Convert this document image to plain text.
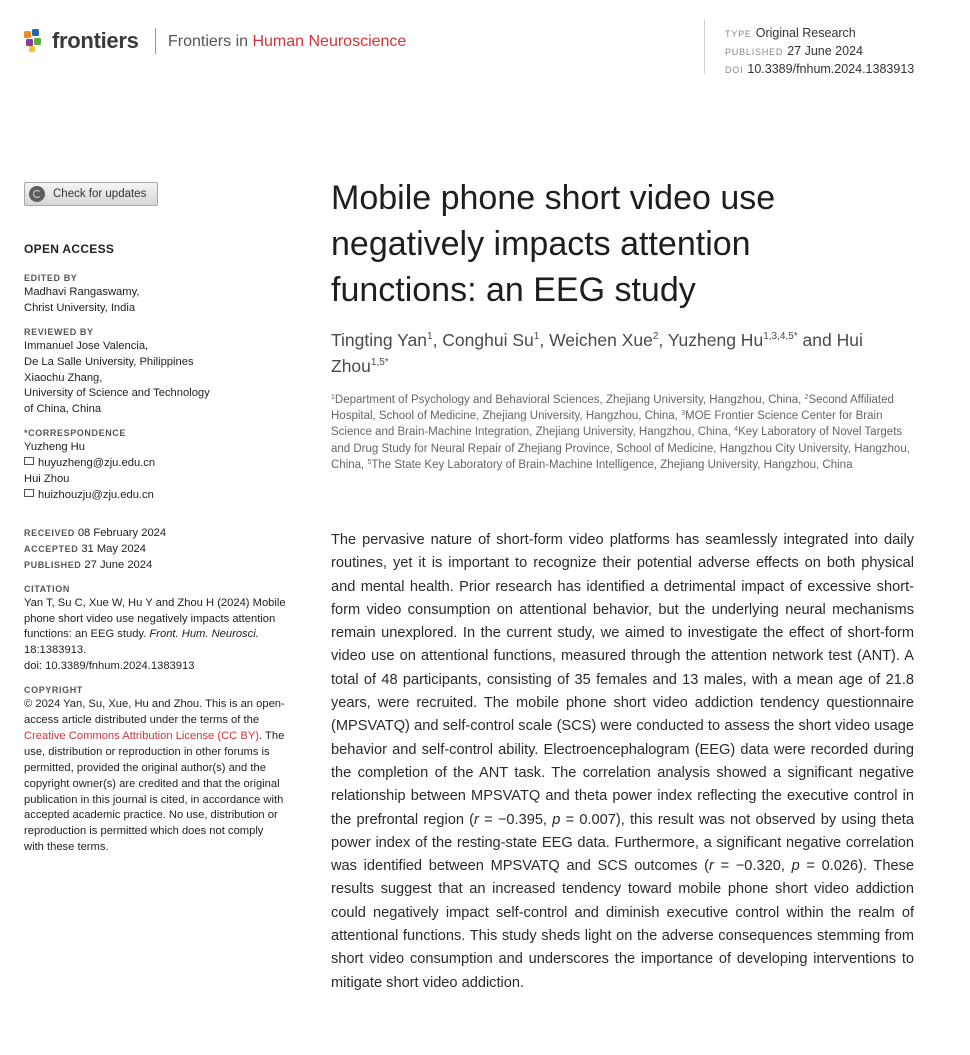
frontiers Frontiers in Human Neuroscience	TYPE Original Research
PUBLISHED 27 June 2024
DOI 10.3389/fnhum.2024.1383913
Check for updates
OPEN ACCESS
EDITED BY
Madhavi Rangaswamy,
Christ University, India
REVIEWED BY
Immanuel Jose Valencia,
De La Salle University, Philippines
Xiaochu Zhang,
University of Science and Technology
of China, China
*CORRESPONDENCE
Yuzheng Hu
huyuzheng@zju.edu.cn
Hui Zhou
huizhouzju@zju.edu.cn
RECEIVED 08 February 2024
ACCEPTED 31 May 2024
PUBLISHED 27 June 2024
CITATION
Yan T, Su C, Xue W, Hu Y and Zhou H (2024) Mobile phone short video use negatively impacts attention functions: an EEG study. Front. Hum. Neurosci. 18:1383913.
doi: 10.3389/fnhum.2024.1383913
COPYRIGHT
© 2024 Yan, Su, Xue, Hu and Zhou. This is an open-access article distributed under the terms of the Creative Commons Attribution License (CC BY). The use, distribution or reproduction in other forums is permitted, provided the original author(s) and the copyright owner(s) are credited and that the original publication in this journal is cited, in accordance with accepted academic practice. No use, distribution or reproduction is permitted which does not comply with these terms.
Mobile phone short video use negatively impacts attention functions: an EEG study

Tingting Yan$^1$, Conghui Su$^1$, Weichen Xue$^2$, Yuzheng $Hu^{1,3,4,5*}$ and Hui Zhou$^{1,5*}$

$^1$Department of Psychology and Behavioral Sciences, Zhejiang University, Hangzhou, China, $^2$Second Affiliated Hospital, School of Medicine, Zhejiang University, Hangzhou, China, $^3$MOE Frontier Science Center for Brain Science and Brain-Machine Integration, Zhejiang University, Hangzhou, China, $^4$Key Laboratory of Novel Targets and Drug Study for Neural Repair of Zhejiang Province, School of Medicine, Hangzhou City University, Hangzhou, China, $^5$The State Key Laboratory of Brain-Machine Intelligence, Zhejiang University, Hangzhou, China

The pervasive nature of short-form video platforms has seamlessly integrated into daily routines, yet it is important to recognize their potential adverse effects on both physical and mental health. Prior research has identified a detrimental impact of excessive short-form video consumption on attentional behavior, but the underlying neural mechanisms remain unexplored. In the current study, we aimed to investigate the effect of short-form video use on attentional functions, measured through the attention network test (ANT). A total of 48 participants, consisting of 35 females and 13 males, with a mean age of 21.8 years, were recruited. The mobile phone short video addiction tendency questionnaire (MPSVATQ) and self-control scale (SCS) were conducted to assess the short video usage behavior and self-control ability. Electroencephalogram (EEG) data were recorded during the completion of the ANT task. The correlation analysis showed a significant negative relationship between MPSVATQ and theta power index reflecting the executive control in the prefrontal region (r = −0.395, p = 0.007), this result was not observed by using theta power index of the resting-state EEG data. Furthermore, a significant negative correlation was identified between MPSVATQ and SCS outcomes (r = −0.320, p = 0.026). These results suggest that an increased tendency toward mobile phone short video addiction could negatively impact self-control and diminish executive control within the realm of attentional functions. This study sheds light on the adverse consequences stemming from short video consumption and underscores the importance of developing interventions to mitigate short video addiction.
